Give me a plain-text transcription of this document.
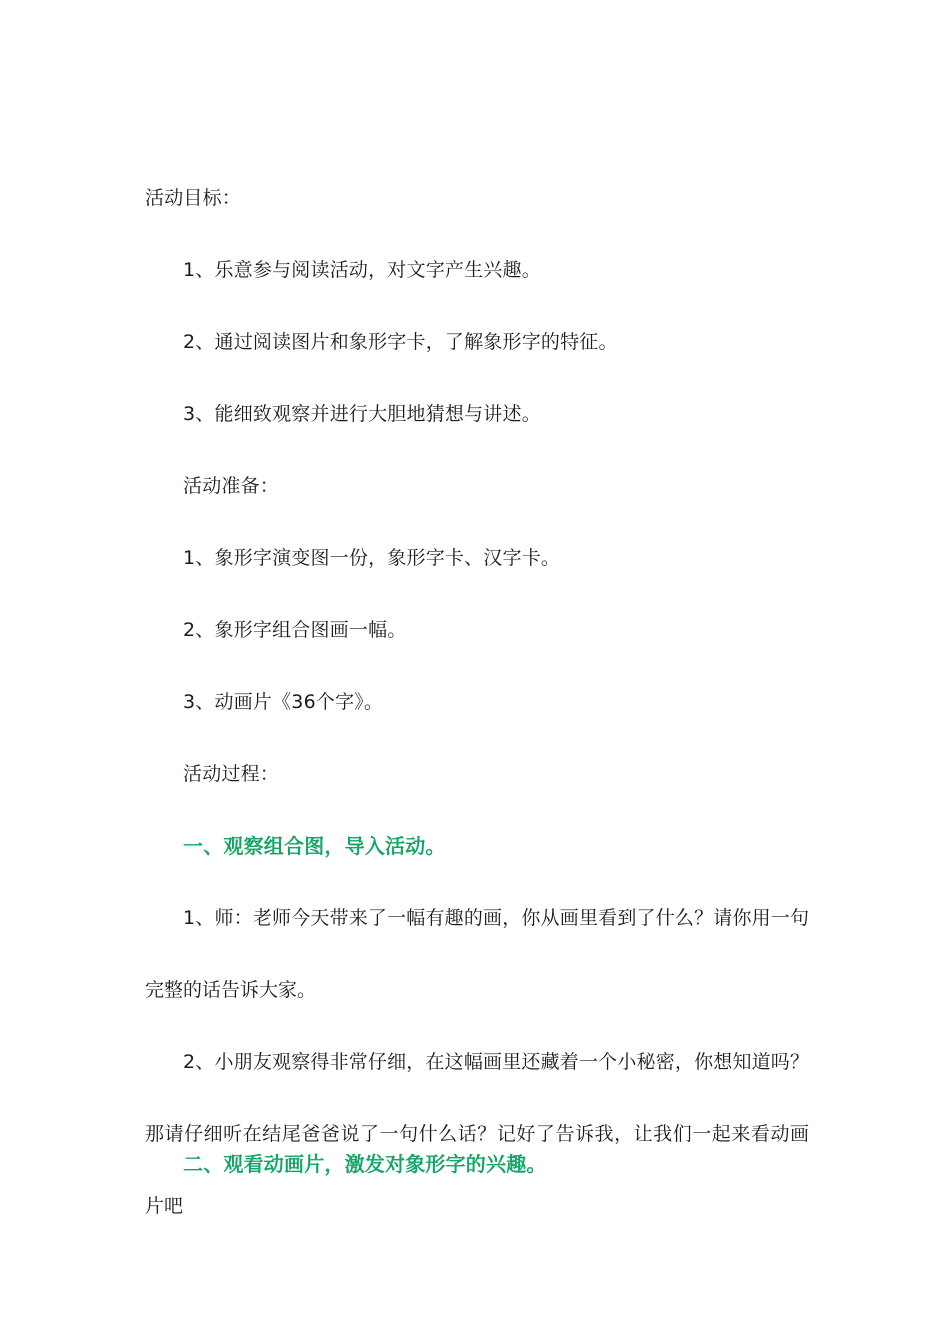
活动目标：
1、乐意参与阅读活动，对文字产生兴趣。
2、通过阅读图片和象形字卡，了解象形字的特征。
3、能细致观察并进行大胆地猜想与讲述。
活动准备：
1、象形字演变图一份，象形字卡、汉字卡。
2、象形字组合图画一幅。
3、动画片《36个字》。
活动过程：
一、观察组合图，导入活动。
1、师：老师今天带来了一幅有趣的画，你从画里看到了什么？请你用一句完整的话告诉大家。
2、小朋友观察得非常仔细，在这幅画里还藏着一个小秘密，你想知道吗？那请仔细听在结尾爸爸说了一句什么话？记好了告诉我，让我们一起来看动画片吧
二、观看动画片，激发对象形字的兴趣。
